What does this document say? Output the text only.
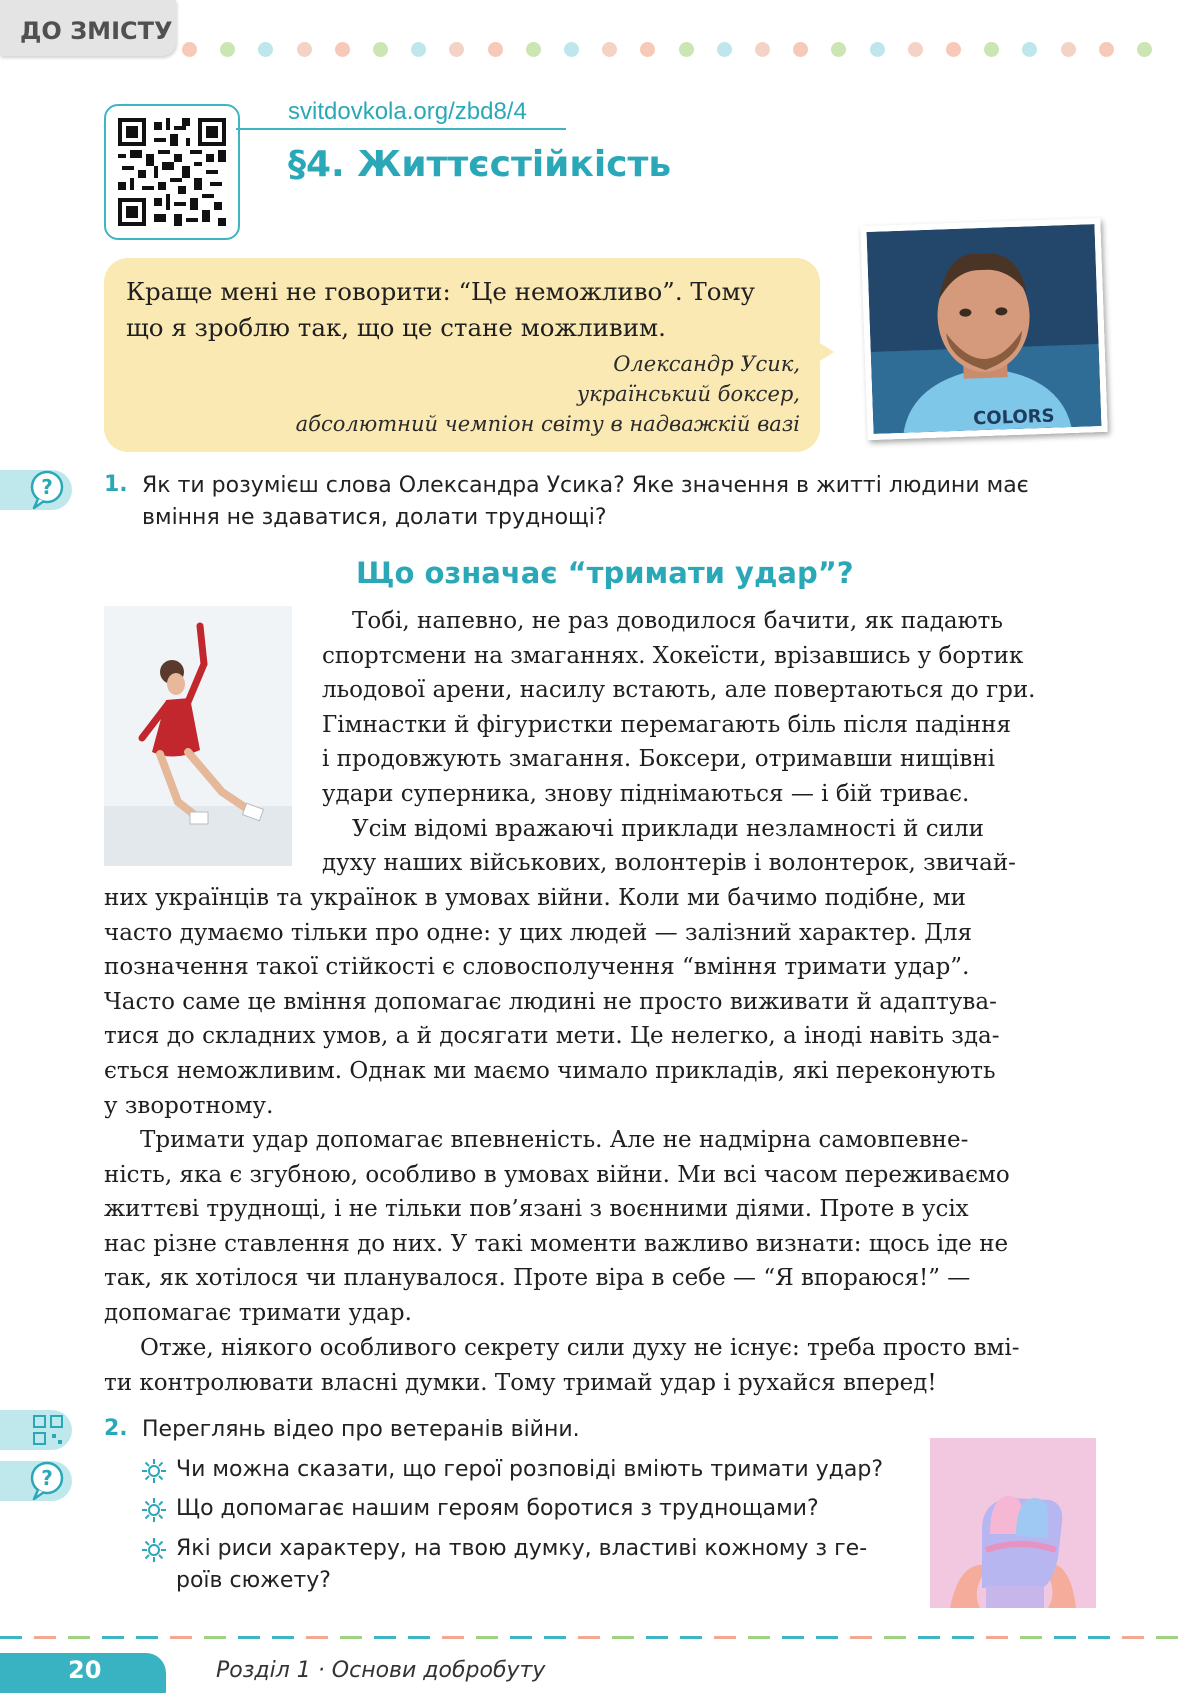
ДО ЗМІСТУ
svitdovkola.org/zbd8/4
§4. Життєстійкість
Краще мені не говорити: “Це неможливо”. Тому
що я зроблю так, що це стане можливим.
Олександр Усик,
український боксер,
абсолютний чемпіон світу в надважкій вазі	COLORS
? 1. Як ти розумієш слова Олександра Усика? Яке значення в житті людини має
вміння не здаватися, долати труднощі?
Що означає “тримати удар”?
Тобі, напевно, не раз доводилося бачити, як падають
спортсмени на змаганнях. Хокеїсти, врізавшись у бортик
льодової арени, насилу встають, але повертаються до гри.
Гімнастки й фігуристки перемагають біль після падіння
і продовжують змагання. Боксери, отримавши нищівні
удари суперника, знову піднімаються — і бій триває.
Усім відомі вражаючі приклади незламності й сили
духу наших військових, волонтерів і волонтерок, звичай-
них українців та українок в умовах війни. Коли ми бачимо подібне, ми
часто думаємо тільки про одне: у цих людей — залізний характер. Для
позначення такої стійкості є словосполучення “вміння тримати удар”.
Часто саме це вміння допомагає людині не просто виживати й адаптува-
тися до складних умов, а й досягати мети. Це нелегко, а іноді навіть зда-
ється неможливим. Однак ми маємо чимало прикладів, які переконують
у зворотному.
Тримати удар допомагає впевненість. Але не надмірна самовпевне-
ність, яка є згубною, особливо в умовах війни. Ми всі часом переживаємо
життєві труднощі, і не тільки пов’язані з воєнними діями. Проте в усіх
нас різне ставлення до них. У такі моменти важливо визнати: щось іде не
так, як хотілося чи планувалося. Проте віра в себе — “Я впораюся!” —
допомагає тримати удар.
Отже, ніякого особливого секрету сили духу не існує: треба просто вмі-
ти контролювати власні думки. Тому тримай удар і рухайся вперед!
?
2. Переглянь відео про ветеранів війни.
Чи можна сказати, що герої розповіді вміють тримати удар?
Що допомагає нашим героям боротися з труднощами?
Які риси характеру, на твою думку, властиві кожному з ге-
роїв сюжету?
20	Розділ 1 · Основи добробуту
